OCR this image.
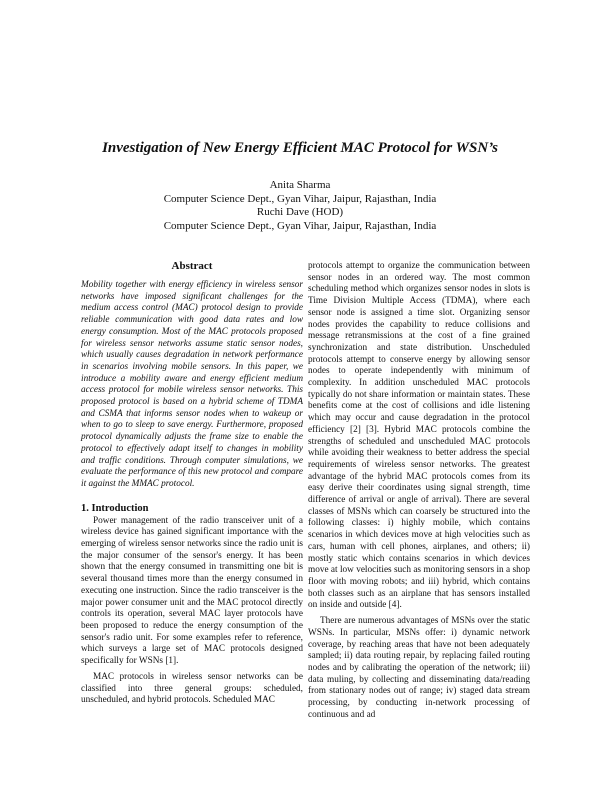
Investigation of New Energy Efficient MAC Protocol for WSN’s
Anita Sharma
Computer Science Dept., Gyan Vihar, Jaipur, Rajasthan, India
Ruchi Dave (HOD)
Computer Science Dept., Gyan Vihar, Jaipur, Rajasthan, India
Abstract

Mobility together with energy efficiency in wireless sensor networks have imposed significant challenges for the medium access control (MAC) protocol design to provide reliable communication with good data rates and low energy consumption. Most of the MAC protocols proposed for wireless sensor networks assume static sensor nodes, which usually causes degradation in network performance in scenarios involving mobile sensors. In this paper, we introduce a mobility aware and energy efficient medium access protocol for mobile wireless sensor networks. This proposed protocol is based on a hybrid scheme of TDMA and CSMA that informs sensor nodes when to wakeup or when to go to sleep to save energy. Furthermore, proposed protocol dynamically adjusts the frame size to enable the protocol to effectively adapt itself to changes in mobility and traffic conditions. Through computer simulations, we evaluate the performance of this new protocol and compare it against the MMAC protocol.

1. Introduction

Power management of the radio transceiver unit of a wireless device has gained significant importance with the emerging of wireless sensor networks since the radio unit is the major consumer of the sensor's energy. It has been shown that the energy consumed in transmitting one bit is several thousand times more than the energy consumed in executing one instruction. Since the radio transceiver is the major power consumer unit and the MAC protocol directly controls its operation, several MAC layer protocols have been proposed to reduce the energy consumption of the sensor's radio unit. For some examples refer to reference, which surveys a large set of MAC protocols designed specifically for WSNs [1].

MAC protocols in wireless sensor networks can be classified into three general groups: scheduled, unscheduled, and hybrid protocols. Scheduled MAC

protocols attempt to organize the communication between sensor nodes in an ordered way. The most common scheduling method which organizes sensor nodes in slots is Time Division Multiple Access (TDMA), where each sensor node is assigned a time slot. Organizing sensor nodes provides the capability to reduce collisions and message retransmissions at the cost of a fine grained synchronization and state distribution. Unscheduled protocols attempt to conserve energy by allowing sensor nodes to operate independently with minimum of complexity. In addition unscheduled MAC protocols typically do not share information or maintain states. These benefits come at the cost of collisions and idle listening which may occur and cause degradation in the protocol efficiency [2] [3]. Hybrid MAC protocols combine the strengths of scheduled and unscheduled MAC protocols while avoiding their weakness to better address the special requirements of wireless sensor networks. The greatest advantage of the hybrid MAC protocols comes from its easy derive their coordinates using signal strength, time difference of arrival or angle of arrival). There are several classes of MSNs which can coarsely be structured into the following classes: i) highly mobile, which contains scenarios in which devices move at high velocities such as cars, human with cell phones, airplanes, and others; ii) mostly static which contains scenarios in which devices move at low velocities such as monitoring sensors in a shop floor with moving robots; and iii) hybrid, which contains both classes such as an airplane that has sensors installed on inside and outside [4].

There are numerous advantages of MSNs over the static WSNs. In particular, MSNs offer: i) dynamic network coverage, by reaching areas that have not been adequately sampled; ii) data routing repair, by replacing failed routing nodes and by calibrating the operation of the network; iii) data muling, by collecting and disseminating data/reading from stationary nodes out of range; iv) staged data stream processing, by conducting in-network processing of continuous and ad
